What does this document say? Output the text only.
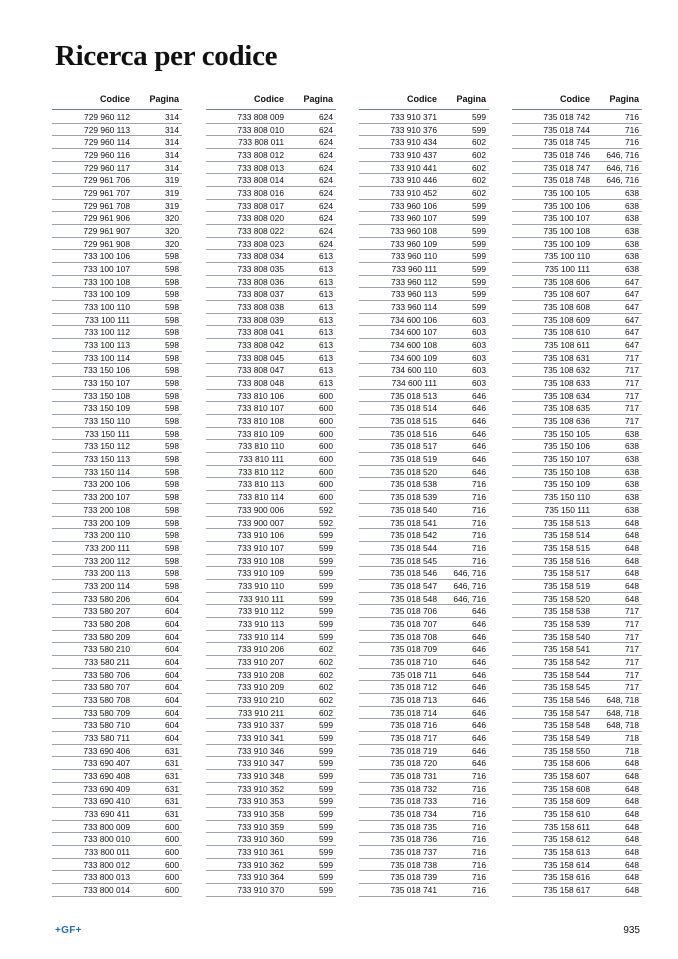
Ricerca per codice
Codice	Pagina
729 960 112	314
729 960 113	314
729 960 114	314
729 960 116	314
729 960 117	314
729 961 706	319
729 961 707	319
729 961 708	319
729 961 906	320
729 961 907	320
729 961 908	320
733 100 106	598
733 100 107	598
733 100 108	598
733 100 109	598
733 100 110	598
733 100 111	598
733 100 112	598
733 100 113	598
733 100 114	598
733 150 106	598
733 150 107	598
733 150 108	598
733 150 109	598
733 150 110	598
733 150 111	598
733 150 112	598
733 150 113	598
733 150 114	598
733 200 106	598
733 200 107	598
733 200 108	598
733 200 109	598
733 200 110	598
733 200 111	598
733 200 112	598
733 200 113	598
733 200 114	598
733 580 206	604
733 580 207	604
733 580 208	604
733 580 209	604
733 580 210	604
733 580 211	604
733 580 706	604
733 580 707	604
733 580 708	604
733 580 709	604
733 580 710	604
733 580 711	604
733 690 406	631
733 690 407	631
733 690 408	631
733 690 409	631
733 690 410	631
733 690 411	631
733 800 009	600
733 800 010	600
733 800 011	600
733 800 012	600
733 800 013	600
733 800 014	600
Codice	Pagina
733 808 009	624
733 808 010	624
733 808 011	624
733 808 012	624
733 808 013	624
733 808 014	624
733 808 016	624
733 808 017	624
733 808 020	624
733 808 022	624
733 808 023	624
733 808 034	613
733 808 035	613
733 808 036	613
733 808 037	613
733 808 038	613
733 808 039	613
733 808 041	613
733 808 042	613
733 808 045	613
733 808 047	613
733 808 048	613
733 810 106	600
733 810 107	600
733 810 108	600
733 810 109	600
733 810 110	600
733 810 111	600
733 810 112	600
733 810 113	600
733 810 114	600
733 900 006	592
733 900 007	592
733 910 106	599
733 910 107	599
733 910 108	599
733 910 109	599
733 910 110	599
733 910 111	599
733 910 112	599
733 910 113	599
733 910 114	599
733 910 206	602
733 910 207	602
733 910 208	602
733 910 209	602
733 910 210	602
733 910 211	602
733 910 337	599
733 910 341	599
733 910 346	599
733 910 347	599
733 910 348	599
733 910 352	599
733 910 353	599
733 910 358	599
733 910 359	599
733 910 360	599
733 910 361	599
733 910 362	599
733 910 364	599
733 910 370	599
Codice	Pagina
733 910 371	599
733 910 376	599
733 910 434	602
733 910 437	602
733 910 441	602
733 910 446	602
733 910 452	602
733 960 106	599
733 960 107	599
733 960 108	599
733 960 109	599
733 960 110	599
733 960 111	599
733 960 112	599
733 960 113	599
733 960 114	599
734 600 106	603
734 600 107	603
734 600 108	603
734 600 109	603
734 600 110	603
734 600 111	603
735 018 513	646
735 018 514	646
735 018 515	646
735 018 516	646
735 018 517	646
735 018 519	646
735 018 520	646
735 018 538	716
735 018 539	716
735 018 540	716
735 018 541	716
735 018 542	716
735 018 544	716
735 018 545	716
735 018 546	646, 716
735 018 547	646, 716
735 018 548	646, 716
735 018 706	646
735 018 707	646
735 018 708	646
735 018 709	646
735 018 710	646
735 018 711	646
735 018 712	646
735 018 713	646
735 018 714	646
735 018 716	646
735 018 717	646
735 018 719	646
735 018 720	646
735 018 731	716
735 018 732	716
735 018 733	716
735 018 734	716
735 018 735	716
735 018 736	716
735 018 737	716
735 018 738	716
735 018 739	716
735 018 741	716
Codice	Pagina
735 018 742	716
735 018 744	716
735 018 745	716
735 018 746	646, 716
735 018 747	646, 716
735 018 748	646, 716
735 100 105	638
735 100 106	638
735 100 107	638
735 100 108	638
735 100 109	638
735 100 110	638
735 100 111	638
735 108 606	647
735 108 607	647
735 108 608	647
735 108 609	647
735 108 610	647
735 108 611	647
735 108 631	717
735 108 632	717
735 108 633	717
735 108 634	717
735 108 635	717
735 108 636	717
735 150 105	638
735 150 106	638
735 150 107	638
735 150 108	638
735 150 109	638
735 150 110	638
735 150 111	638
735 158 513	648
735 158 514	648
735 158 515	648
735 158 516	648
735 158 517	648
735 158 519	648
735 158 520	648
735 158 538	717
735 158 539	717
735 158 540	717
735 158 541	717
735 158 542	717
735 158 544	717
735 158 545	717
735 158 546	648, 718
735 158 547	648, 718
735 158 548	648, 718
735 158 549	718
735 158 550	718
735 158 606	648
735 158 607	648
735 158 608	648
735 158 609	648
735 158 610	648
735 158 611	648
735 158 612	648
735 158 613	648
735 158 614	648
735 158 616	648
735 158 617	648
+GF+	935
